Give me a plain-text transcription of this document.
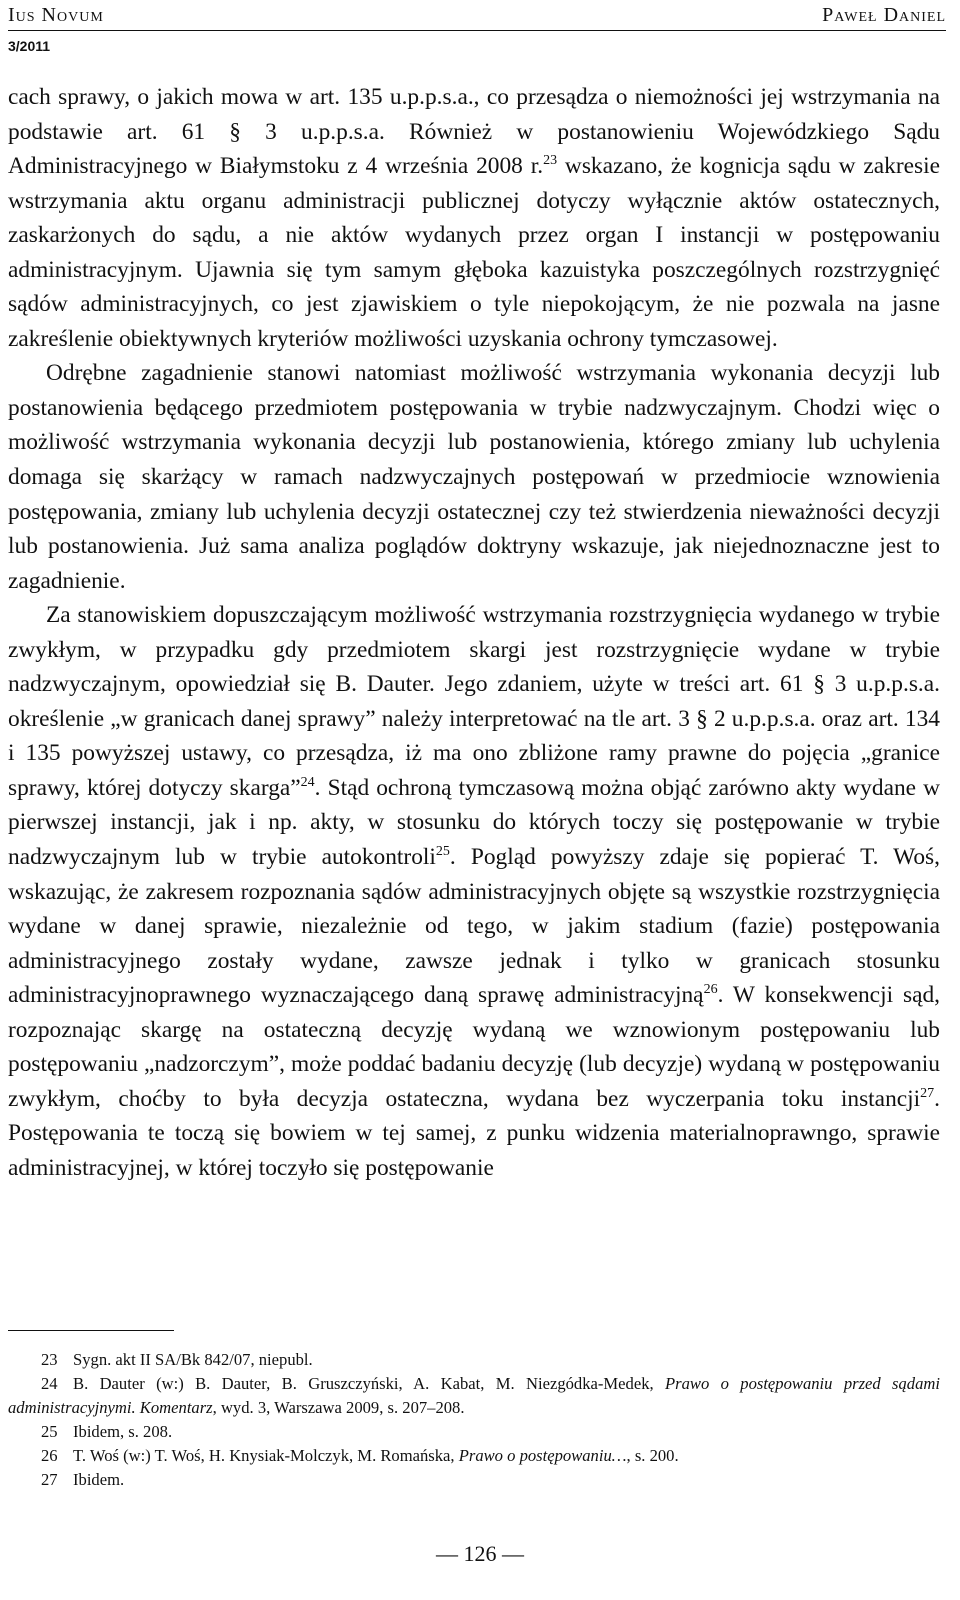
Ius Novum	Paweł Daniel
3/2011

cach sprawy, o jakich mowa w art. 135 u.p.p.s.a., co przesądza o niemożności jej wstrzymania na podstawie art. 61 § 3 u.p.p.s.a. Również w postanowieniu Wojewódzkiego Sądu Administracyjnego w Białymstoku z 4 września 2008 r.$^{23}$ wskazano, że kognicja sądu w zakresie wstrzymania aktu organu administracji publicznej dotyczy wyłącznie aktów ostatecznych, zaskarżonych do sądu, a nie aktów wydanych przez organ I instancji w postępowaniu administracyjnym. Ujawnia się tym samym głęboka kazuistyka poszczególnych rozstrzygnięć sądów administracyjnych, co jest zjawiskiem o tyle niepokojącym, że nie pozwala na jasne zakreślenie obiektywnych kryteriów możliwości uzyskania ochrony tymczasowej.

Odrębne zagadnienie stanowi natomiast możliwość wstrzymania wykonania decyzji lub postanowienia będącego przedmiotem postępowania w trybie nadzwyczajnym. Chodzi więc o możliwość wstrzymania wykonania decyzji lub postanowienia, którego zmiany lub uchylenia domaga się skarżący w ramach nadzwyczajnych postępowań w przedmiocie wznowienia postępowania, zmiany lub uchylenia decyzji ostatecznej czy też stwierdzenia nieważności decyzji lub postanowienia. Już sama analiza poglądów doktryny wskazuje, jak niejednoznaczne jest to zagadnienie.

Za stanowiskiem dopuszczającym możliwość wstrzymania rozstrzygnięcia wydanego w trybie zwykłym, w przypadku gdy przedmiotem skargi jest rozstrzygnięcie wydane w trybie nadzwyczajnym, opowiedział się B. Dauter. Jego zdaniem, użyte w treści art. 61 § 3 u.p.p.s.a. określenie „w granicach danej sprawy” należy interpretować na tle art. 3 § 2 u.p.p.s.a. oraz art. 134 i 135 powyższej ustawy, co przesądza, iż ma ono zbliżone ramy prawne do pojęcia „granice sprawy, której dotyczy skarga”$^{24}$. Stąd ochroną tymczasową można objąć zarówno akty wydane w pierwszej instancji, jak i np. akty, w stosunku do których toczy się postępowanie w trybie nadzwyczajnym lub w trybie autokontroli$^{25}$. Pogląd powyższy zdaje się popierać T. Woś, wskazując, że zakresem rozpoznania sądów administracyjnych objęte są wszystkie rozstrzygnięcia wydane w danej sprawie, niezależnie od tego, w jakim stadium (fazie) postępowania administracyjnego zostały wydane, zawsze jednak i tylko w granicach stosunku administracyjnoprawnego wyznaczającego daną sprawę administracyjną$^{26}$. W konsekwencji sąd, rozpoznając skargę na ostateczną decyzję wydaną we wznowionym postępowaniu lub postępowaniu „nadzorczym”, może poddać badaniu decyzję (lub decyzje) wydaną w postępowaniu zwykłym, choćby to była decyzja ostateczna, wydana bez wyczerpania toku instancji$^{27}$. Postępowania te toczą się bowiem w tej samej, z punku widzenia materialnoprawngo, sprawie administracyjnej, w której toczyło się postępowanie

23 Sygn. akt II SA/Bk 842/07, niepubl.

24 B. Dauter (w:) B. Dauter, B. Gruszczyński, A. Kabat, M. Niezgódka-Medek, Prawo o postępowaniu przed sądami administracyjnymi. Komentarz, wyd. 3, Warszawa 2009, s. 207–208.

25 Ibidem, s. 208.

26 T. Woś (w:) T. Woś, H. Knysiak-Molczyk, M. Romańska, Prawo o postępowaniu…, s. 200.

27 Ibidem.

— 126 —
